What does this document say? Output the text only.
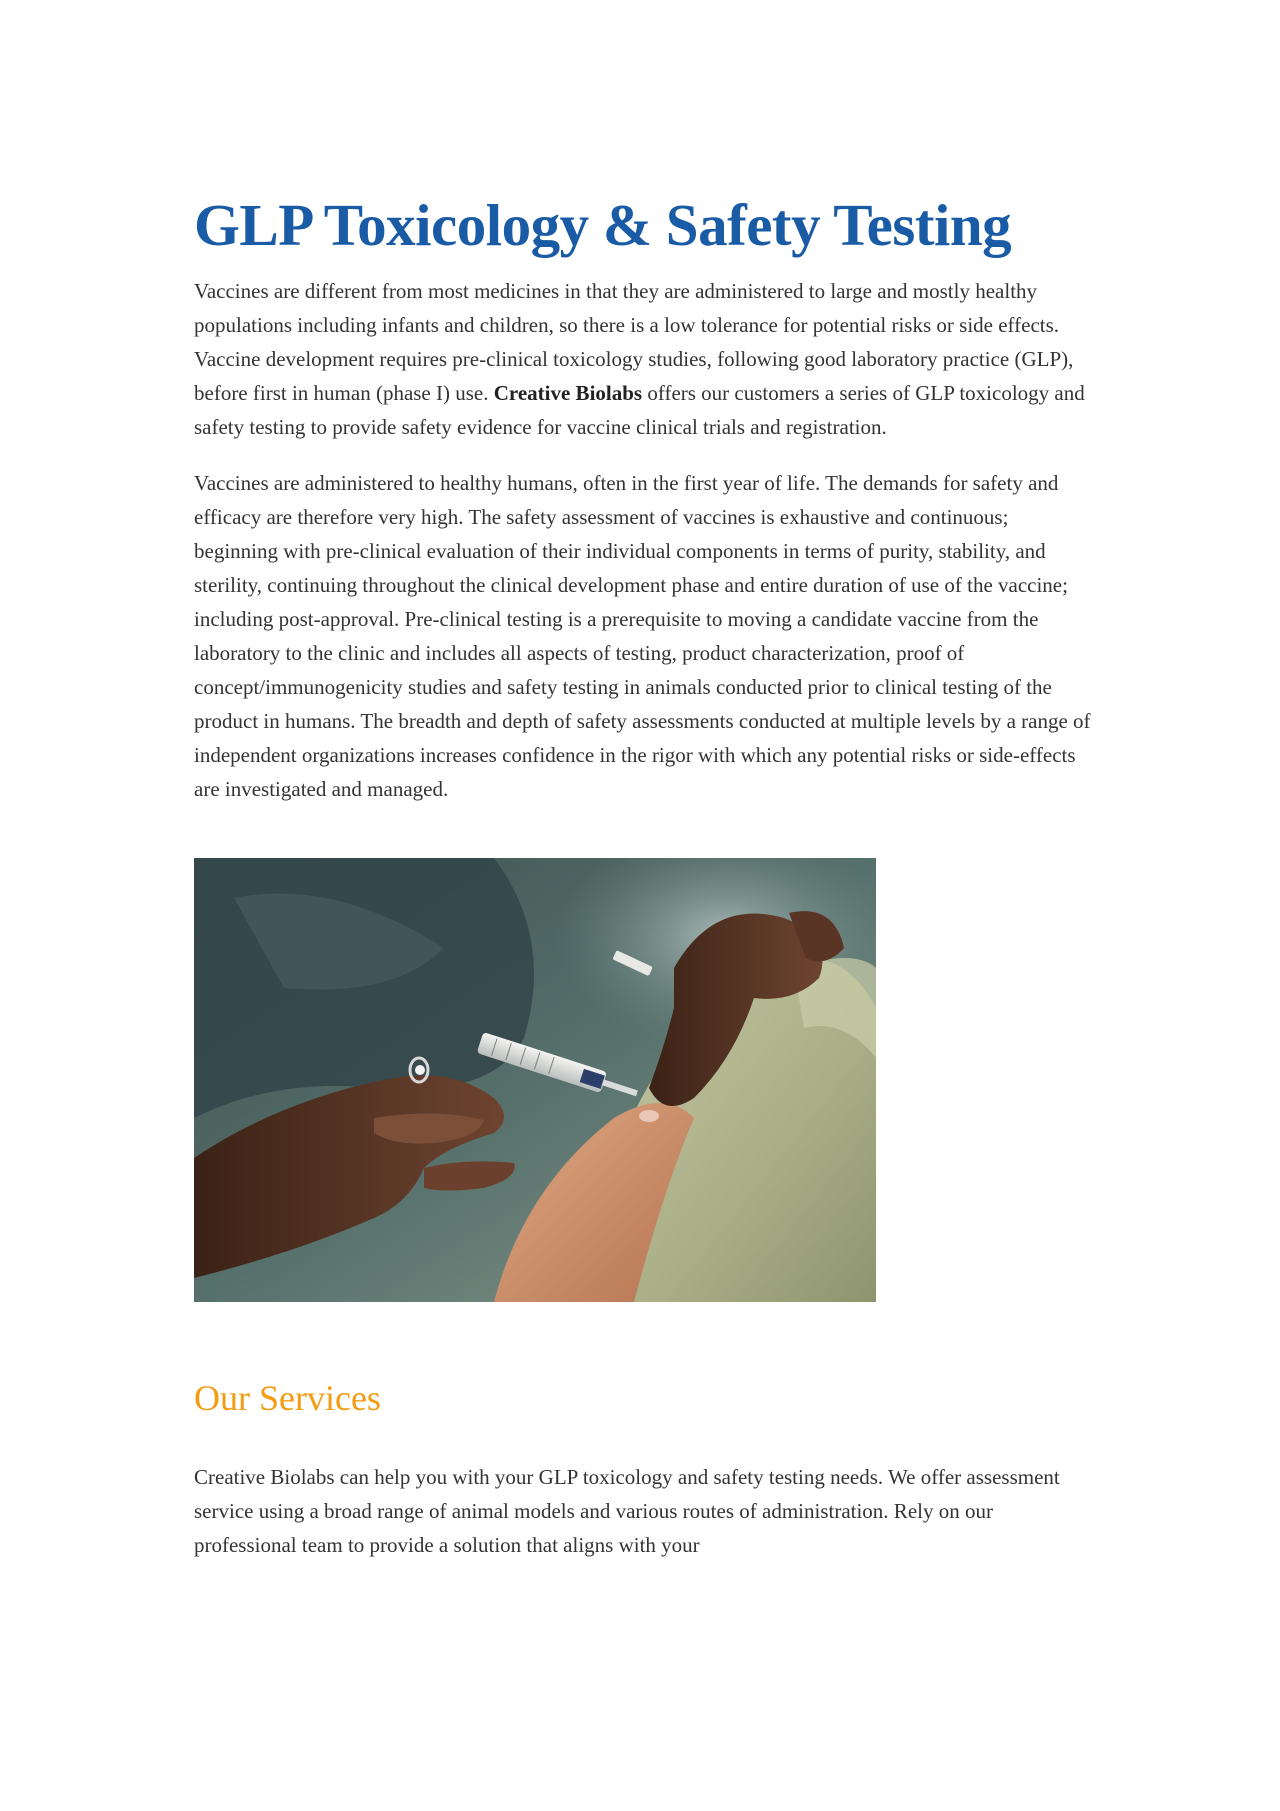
GLP Toxicology & Safety Testing

Vaccines are different from most medicines in that they are administered to large and mostly healthy populations including infants and children, so there is a low tolerance for potential risks or side effects. Vaccine development requires pre-clinical toxicology studies, following good laboratory practice (GLP), before first in human (phase I) use. Creative Biolabs offers our customers a series of GLP toxicology and safety testing to provide safety evidence for vaccine clinical trials and registration.

Vaccines are administered to healthy humans, often in the first year of life. The demands for safety and efficacy are therefore very high. The safety assessment of vaccines is exhaustive and continuous; beginning with pre-clinical evaluation of their individual components in terms of purity, stability, and sterility, continuing throughout the clinical development phase and entire duration of use of the vaccine; including post-approval. Pre-clinical testing is a prerequisite to moving a candidate vaccine from the laboratory to the clinic and includes all aspects of testing, product characterization, proof of concept/immunogenicity studies and safety testing in animals conducted prior to clinical testing of the product in humans. The breadth and depth of safety assessments conducted at multiple levels by a range of independent organizations increases confidence in the rigor with which any potential risks or side-effects are investigated and managed.

Our Services

Creative Biolabs can help you with your GLP toxicology and safety testing needs. We offer assessment service using a broad range of animal models and various routes of administration. Rely on our professional team to provide a solution that aligns with your
